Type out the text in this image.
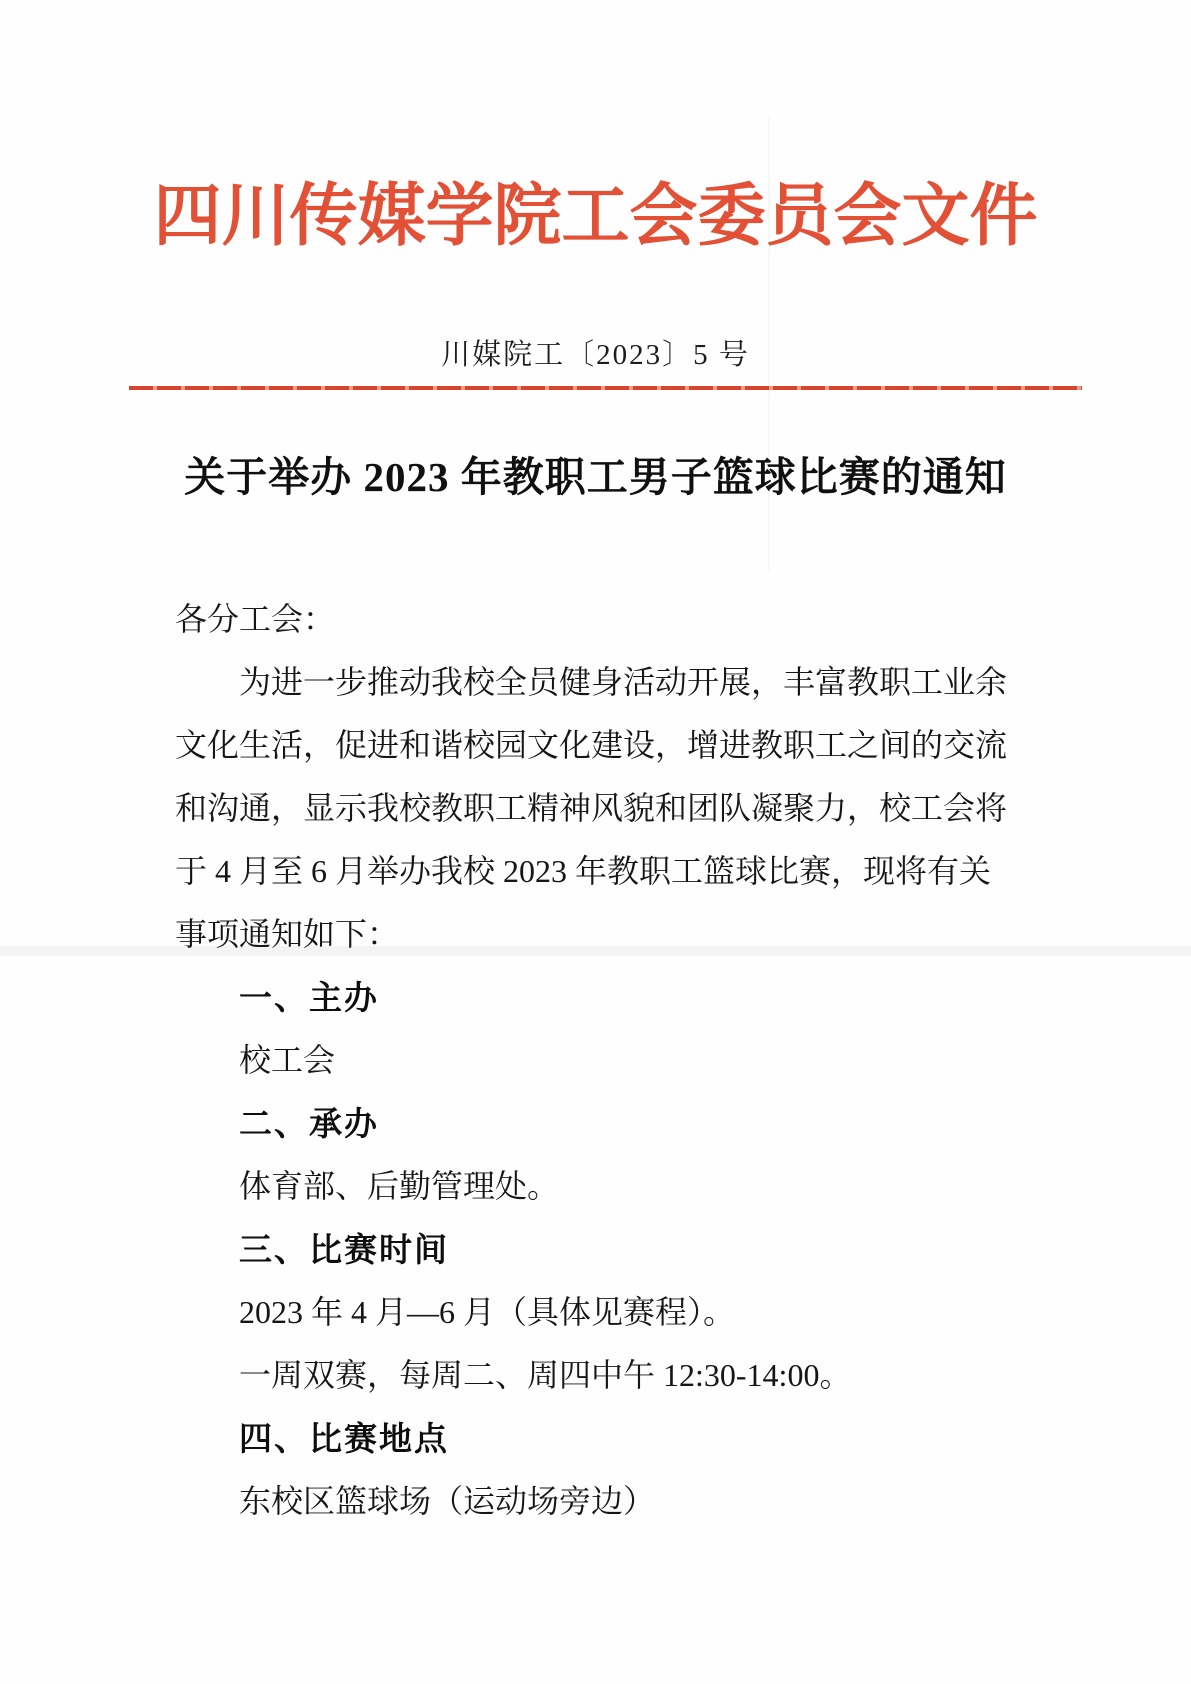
四川传媒学院工会委员会文件
川媒院工〔2023〕5 号
关于举办 2023 年教职工男子篮球比赛的通知
各分工会：
为进一步推动我校全员健身活动开展，丰富教职工业余
文化生活，促进和谐校园文化建设，增进教职工之间的交流
和沟通，显示我校教职工精神风貌和团队凝聚力，校工会将
于 4 月至 6 月举办我校 2023 年教职工篮球比赛，现将有关
事项通知如下：
一、主办
校工会
二、承办
体育部、后勤管理处。
三、比赛时间
2023 年 4 月—6 月（具体见赛程）。
一周双赛，每周二、周四中午 12:30-14:00。
四、比赛地点
东校区篮球场（运动场旁边）
